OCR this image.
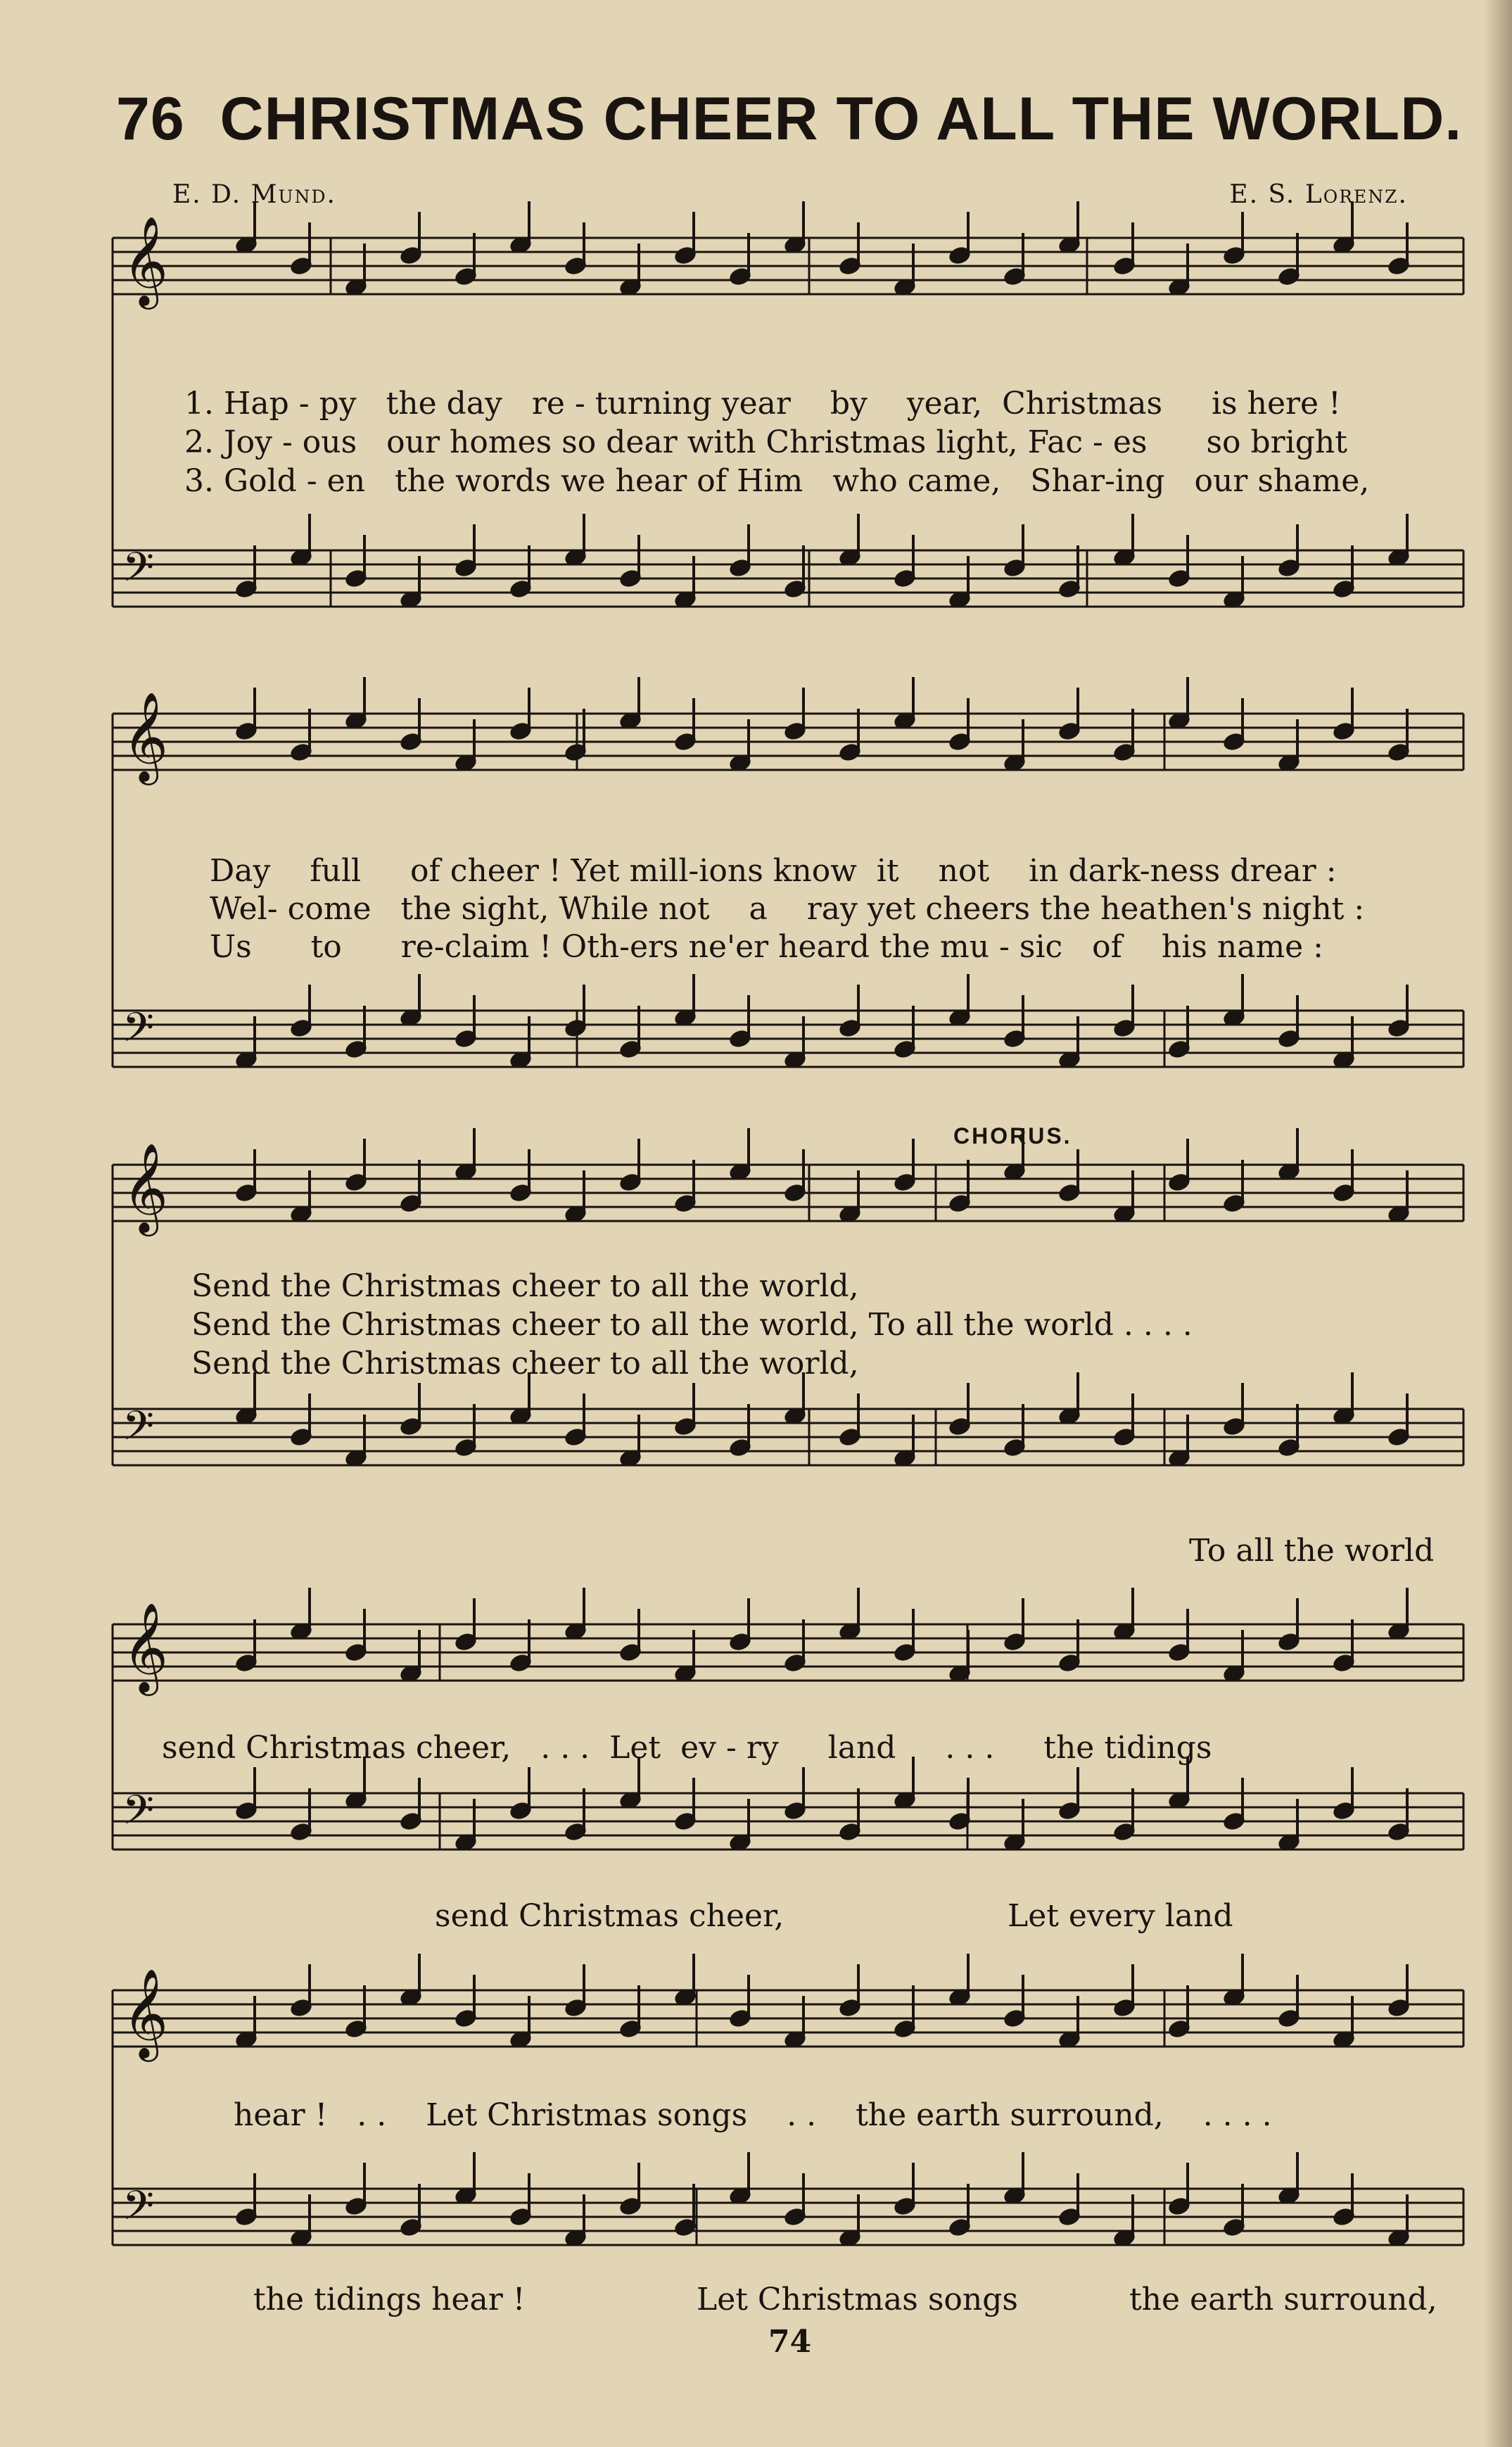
76 CHRISTMAS CHEER TO ALL THE WORLD.
E. D. Mund.	E. S. Lorenz.
𝄞
𝄢
𝄞
𝄢
𝄞
𝄢
𝄞
𝄢
𝄞
𝄢
1. Hap - py the day re - turning year by year, Christmas is here !
2. Joy - ous our homes so dear with Christmas light, Fac - es so bright
3. Gold - en the words we hear of Him who came, Shar-ing our shame,
Day full of cheer ! Yet mill-ions know it not in dark-ness drear :
Wel- come the sight, While not a ray yet cheers the heathen's night :
Us to re-claim ! Oth-ers ne'er heard the mu - sic of his name :
CHORUS.
Send the Christmas cheer to all the world,
Send the Christmas cheer to all the world, To all the world . . . .
Send the Christmas cheer to all the world,
To all the world
send Christmas cheer, . . . Let ev - ry land . . . the tidings
send Christmas cheer,	Let every land
hear ! . . Let Christmas songs . . the earth surround, . . . .
the tidings hear !	Let Christmas songs	the earth surround,
74
